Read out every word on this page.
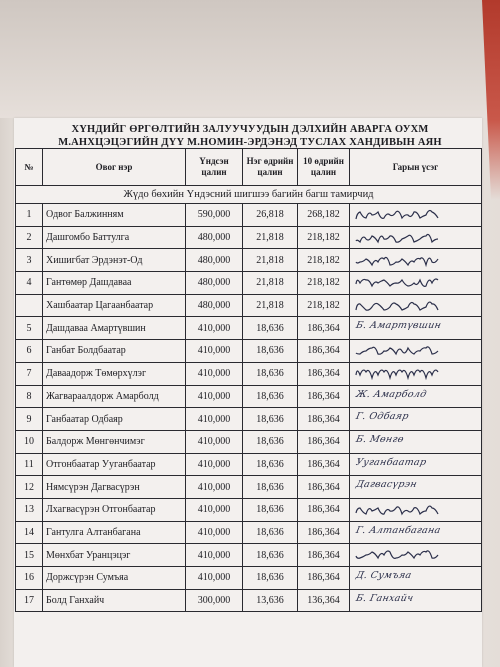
ХҮНДИЙГ ӨРГӨЛТИЙН ЗАЛУУЧУУДЫН ДЭЛХИЙН АВАРГА ОУХМ
М.АНХЦЭЦЭГИЙН ДҮҮ М.НОМИН-ЭРДЭНЭД ТУСЛАХ ХАНДИВЫН АЯН
Жүдо бөхийн Үндэсний шигшээ багийн багш тамирчид					
№	Овог нэр	Үндсэн цалин	Нэг өдрийн цалин	10 өдрийн цалин	Гарын үсэг
1	Одвог Балжинням	590,000	26,818	268,182	

2	Дашгомбо Баттулга	480,000	21,818	218,182	

3	Хишигбат Эрдэнэт-Од	480,000	21,818	218,182	

4	Гантөмөр Дашдаваа	480,000	21,818	218,182	

	Хашбаатар Цагаанбаатар	480,000	21,818	218,182	

5	Дашдаваа Амартүвшин	410,000	18,636	186,364	Б. Амартүвшин

6	Ганбат Болдбаатар	410,000	18,636	186,364	

7	Даваадорж Төмөрхүлэг	410,000	18,636	186,364	

8	Жагвараалдорж Амарболд	410,000	18,636	186,364	Ж. Амарболд

9	Ганбаатар Одбаяр	410,000	18,636	186,364	Г. Одбаяр

10	Балдорж Мөнгөнчимэг	410,000	18,636	186,364	Б. Мөнгө

11	Отгонбаатар Ууганбаатар	410,000	18,636	186,364	Ууганбаатар

12	Нямсүрэн Дагвасүрэн	410,000	18,636	186,364	Дагвасүрэн

13	Лхагвасүрэн Отгонбаатар	410,000	18,636	186,364	

14	Гантулга Алтанбагана	410,000	18,636	186,364	Г. Алтанбагана

15	Мөнхбат Уранцэцэг	410,000	18,636	186,364	

16	Доржсүрэн Сумъяа	410,000	18,636	186,364	Д. Сумъяа

17	Болд Ганхайч	300,000	13,636	136,364	Б. Ганхайч
